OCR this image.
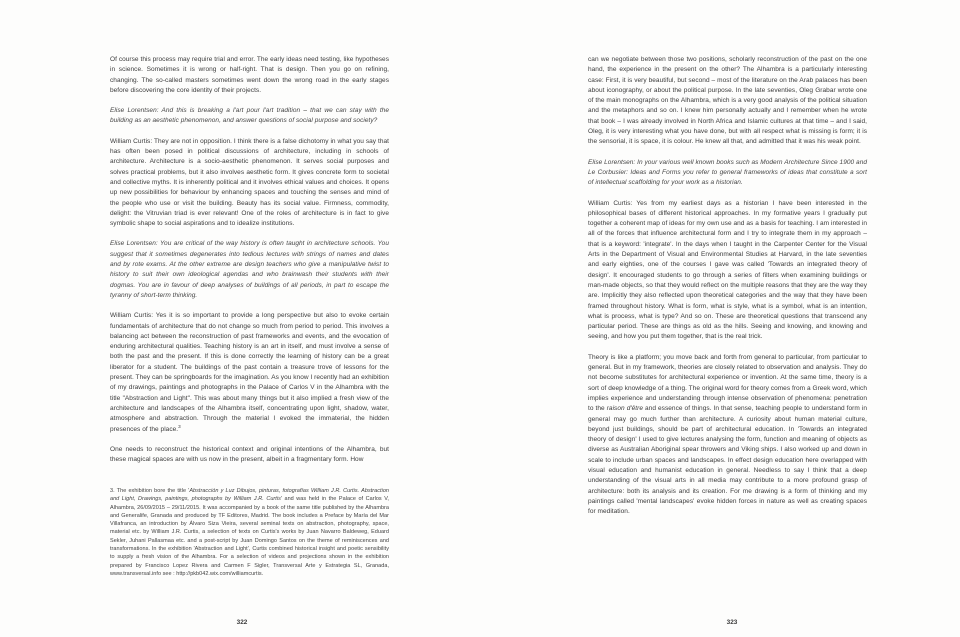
Of course this process may require trial and error. The early ideas need testing, like hypotheses in science. Sometimes it is wrong or half-right. That is design. Then you go on refining, changing. The so-called masters sometimes went down the wrong road in the early stages before discovering the core identity of their projects.

Elise Lorentsen: And this is breaking a l'art pour l'art tradition – that we can stay with the building as an aesthetic phenomenon, and answer questions of social purpose and society?

William Curtis: They are not in opposition. I think there is a false dichotomy in what you say that has often been posed in political discussions of architecture, including in schools of architecture. Architecture is a socio-aesthetic phenomenon. It serves social purposes and solves practical problems, but it also involves aesthetic form. It gives concrete form to societal and collective myths. It is inherently political and it involves ethical values and choices. It opens up new possibilities for behaviour by enhancing spaces and touching the senses and mind of the people who use or visit the building. Beauty has its social value. Firmness, commodity, delight: the Vitruvian triad is ever relevant! One of the roles of architecture is in fact to give symbolic shape to social aspirations and to idealize institutions.

Elise Lorentsen: You are critical of the way history is often taught in architecture schools. You suggest that it sometimes degenerates into tedious lectures with strings of names and dates and by rote exams. At the other extreme are design teachers who give a manipulative twist to history to suit their own ideological agendas and who brainwash their students with their dogmas. You are in favour of deep analyses of buildings of all periods, in part to escape the tyranny of short-term thinking.

William Curtis: Yes it is so important to provide a long perspective but also to evoke certain fundamentals of architecture that do not change so much from period to period. This involves a balancing act between the reconstruction of past frameworks and events, and the evocation of enduring architectural qualities. Teaching history is an art in itself, and must involve a sense of both the past and the present. If this is done correctly the learning of history can be a great liberator for a student. The buildings of the past contain a treasure trove of lessons for the present. They can be springboards for the imagination. As you know I recently had an exhibition of my drawings, paintings and photographs in the Palace of Carlos V in the Alhambra with the title "Abstraction and Light". This was about many things but it also implied a fresh view of the architecture and landscapes of the Alhambra itself, concentrating upon light, shadow, water, atmosphere and abstraction. Through the material I evoked the immaterial, the hidden presences of the place.$^3$

One needs to reconstruct the historical context and original intentions of the Alhambra, but these magical spaces are with us now in the present, albeit in a fragmentary form. How

3. The exhibition bore the title 'Abstracción y Luz Dibujos, pinturas, fotografías William J.R. Curtis. Abstraction and Light, Drawings, paintings, photographs by William J.R. Curtis' and was held in the Palace of Carlos V, Alhambra, 26/09/2015 – 29/11/2015. It was accompanied by a book of the same title published by the Alhambra and Generalife, Granada and produced by TF Editores, Madrid. The book includes a Preface by María del Mar Villafranca, an introduction by Álvaro Siza Vieira, several seminal texts on abstraction, photography, space, material etc. by William J.R. Curtis, a selection of texts on Curtis's works by Juan Navarro Baldeweg, Eduard Sekler, Juhani Pallasmaa etc. and a post-script by Juan Domingo Santos on the theme of reminiscences and transformations. In the exhibition 'Abstraction and Light', Curtis combined historical insight and poetic sensibility to supply a fresh vision of the Alhambra. For a selection of videos and projections shown in the exhibition prepared by Francisco Lopez Rivera and Carmen F Sigler, Transversal Arte y Estrategia SL, Granada, www.transversal.info see : http://pkb042.wix.com/williamcurtis.
322

can we negotiate between those two positions, scholarly reconstruction of the past on the one hand, the experience in the present on the other? The Alhambra is a particularly interesting case: First, it is very beautiful, but second – most of the literature on the Arab palaces has been about iconography, or about the political purpose. In the late seventies, Oleg Grabar wrote one of the main monographs on the Alhambra, which is a very good analysis of the political situation and the metaphors and so on. I knew him personally actually and I remember when he wrote that book – I was already involved in North Africa and Islamic cultures at that time – and I said, Oleg, it is very interesting what you have done, but with all respect what is missing is form; it is the sensorial, it is space, it is colour. He knew all that, and admitted that it was his weak point.

Elise Lorentsen: In your various well known books such as Modern Architecture Since 1900 and Le Corbusier: Ideas and Forms you refer to general frameworks of ideas that constitute a sort of intellectual scaffolding for your work as a historian.

William Curtis: Yes from my earliest days as a historian I have been interested in the philosophical bases of different historical approaches. In my formative years I gradually put together a coherent map of ideas for my own use and as a basis for teaching. I am interested in all of the forces that influence architectural form and I try to integrate them in my approach – that is a keyword: 'integrate'. In the days when I taught in the Carpenter Center for the Visual Arts in the Department of Visual and Environmental Studies at Harvard, in the late seventies and early eighties, one of the courses I gave was called 'Towards an integrated theory of design'. It encouraged students to go through a series of filters when examining buildings or man-made objects, so that they would reflect on the multiple reasons that they are the way they are. Implicitly they also reflected upon theoretical categories and the way that they have been framed throughout history. What is form, what is style, what is a symbol, what is an intention, what is process, what is type? And so on. These are theoretical questions that transcend any particular period. These are things as old as the hills. Seeing and knowing, and knowing and seeing, and how you put them together, that is the real trick.

Theory is like a platform; you move back and forth from general to particular, from particular to general. But in my framework, theories are closely related to observation and analysis. They do not become substitutes for architectural experience or invention. At the same time, theory is a sort of deep knowledge of a thing. The original word for theory comes from a Greek word, which implies experience and understanding through intense observation of phenomena: penetration to the raison d'être and essence of things. In that sense, teaching people to understand form in general may go much further than architecture. A curiosity about human material culture, beyond just buildings, should be part of architectural education. In 'Towards an integrated theory of design' I used to give lectures analysing the form, function and meaning of objects as diverse as Australian Aboriginal spear throwers and Viking ships. I also worked up and down in scale to include urban spaces and landscapes. In effect design education here overlapped with visual education and humanist education in general. Needless to say I think that a deep understanding of the visual arts in all media may contribute to a more profound grasp of architecture: both its analysis and its creation. For me drawing is a form of thinking and my paintings called 'mental landscapes' evoke hidden forces in nature as well as creating spaces for meditation.

323
